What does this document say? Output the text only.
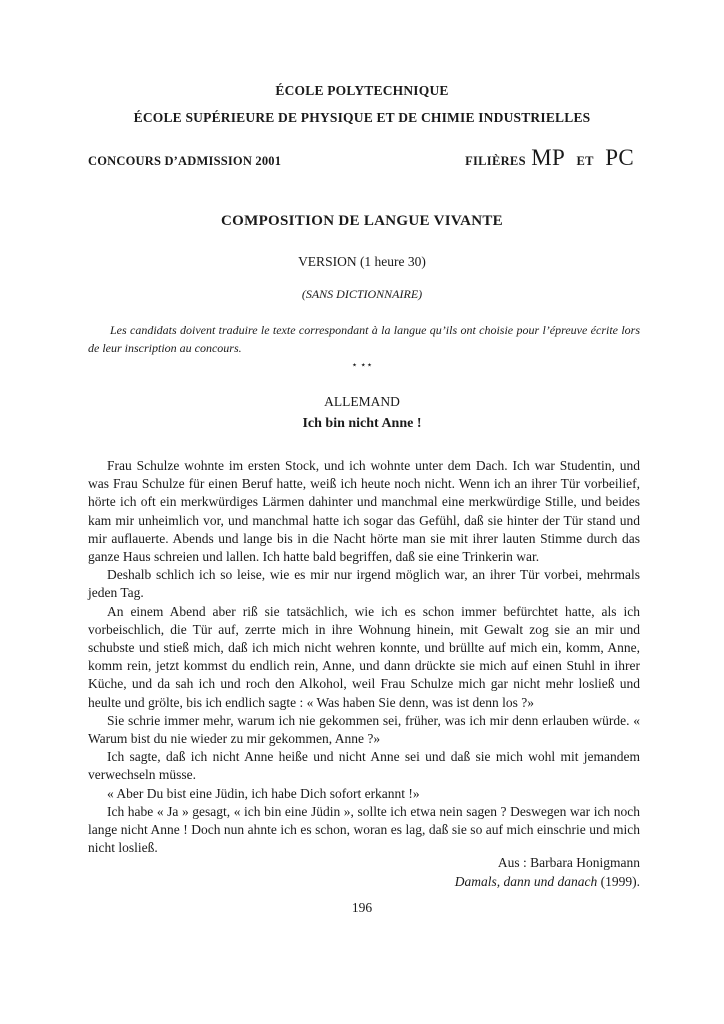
ÉCOLE POLYTECHNIQUE
ÉCOLE SUPÉRIEURE DE PHYSIQUE ET DE CHIMIE INDUSTRIELLES
CONCOURS D’ADMISSION 2001	FILIÈRES MP ET PC
COMPOSITION DE LANGUE VIVANTE
VERSION (1 heure 30)
(SANS DICTIONNAIRE)
Les candidats doivent traduire le texte correspondant à la langue qu’ils ont choisie pour l’épreuve écrite lors de leur inscription au concours.
⋆ ⋆⋆
ALLEMAND
Ich bin nicht Anne !

Frau Schulze wohnte im ersten Stock, und ich wohnte unter dem Dach. Ich war Studentin, und was Frau Schulze für einen Beruf hatte, weiß ich heute noch nicht. Wenn ich an ihrer Tür vorbeilief, hörte ich oft ein merkwürdiges Lärmen dahinter und manchmal eine merkwürdige Stille, und beides kam mir unheimlich vor, und manchmal hatte ich sogar das Gefühl, daß sie hinter der Tür stand und mir auflauerte. Abends und lange bis in die Nacht hörte man sie mit ihrer lauten Stimme durch das ganze Haus schreien und lallen. Ich hatte bald begriffen, daß sie eine Trinkerin war.

Deshalb schlich ich so leise, wie es mir nur irgend möglich war, an ihrer Tür vorbei, mehrmals jeden Tag.

An einem Abend aber riß sie tatsächlich, wie ich es schon immer befürchtet hatte, als ich vorbeischlich, die Tür auf, zerrte mich in ihre Wohnung hinein, mit Gewalt zog sie an mir und schubste und stieß mich, daß ich mich nicht wehren konnte, und brüllte auf mich ein, komm, Anne, komm rein, jetzt kommst du endlich rein, Anne, und dann drückte sie mich auf einen Stuhl in ihrer Küche, und da sah ich und roch den Alkohol, weil Frau Schulze mich gar nicht mehr losließ und heulte und grölte, bis ich endlich sagte : « Was haben Sie denn, was ist denn los ?»

Sie schrie immer mehr, warum ich nie gekommen sei, früher, was ich mir denn erlauben würde. « Warum bist du nie wieder zu mir gekommen, Anne ?»

Ich sagte, daß ich nicht Anne heiße und nicht Anne sei und daß sie mich wohl mit jemandem verwechseln müsse.

« Aber Du bist eine Jüdin, ich habe Dich sofort erkannt !»

Ich habe « Ja » gesagt, « ich bin eine Jüdin », sollte ich etwa nein sagen ? Deswegen war ich noch lange nicht Anne ! Doch nun ahnte ich es schon, woran es lag, daß sie so auf mich einschrie und mich nicht losließ.

Aus : Barbara Honigmann
Damals, dann und danach (1999).
196
